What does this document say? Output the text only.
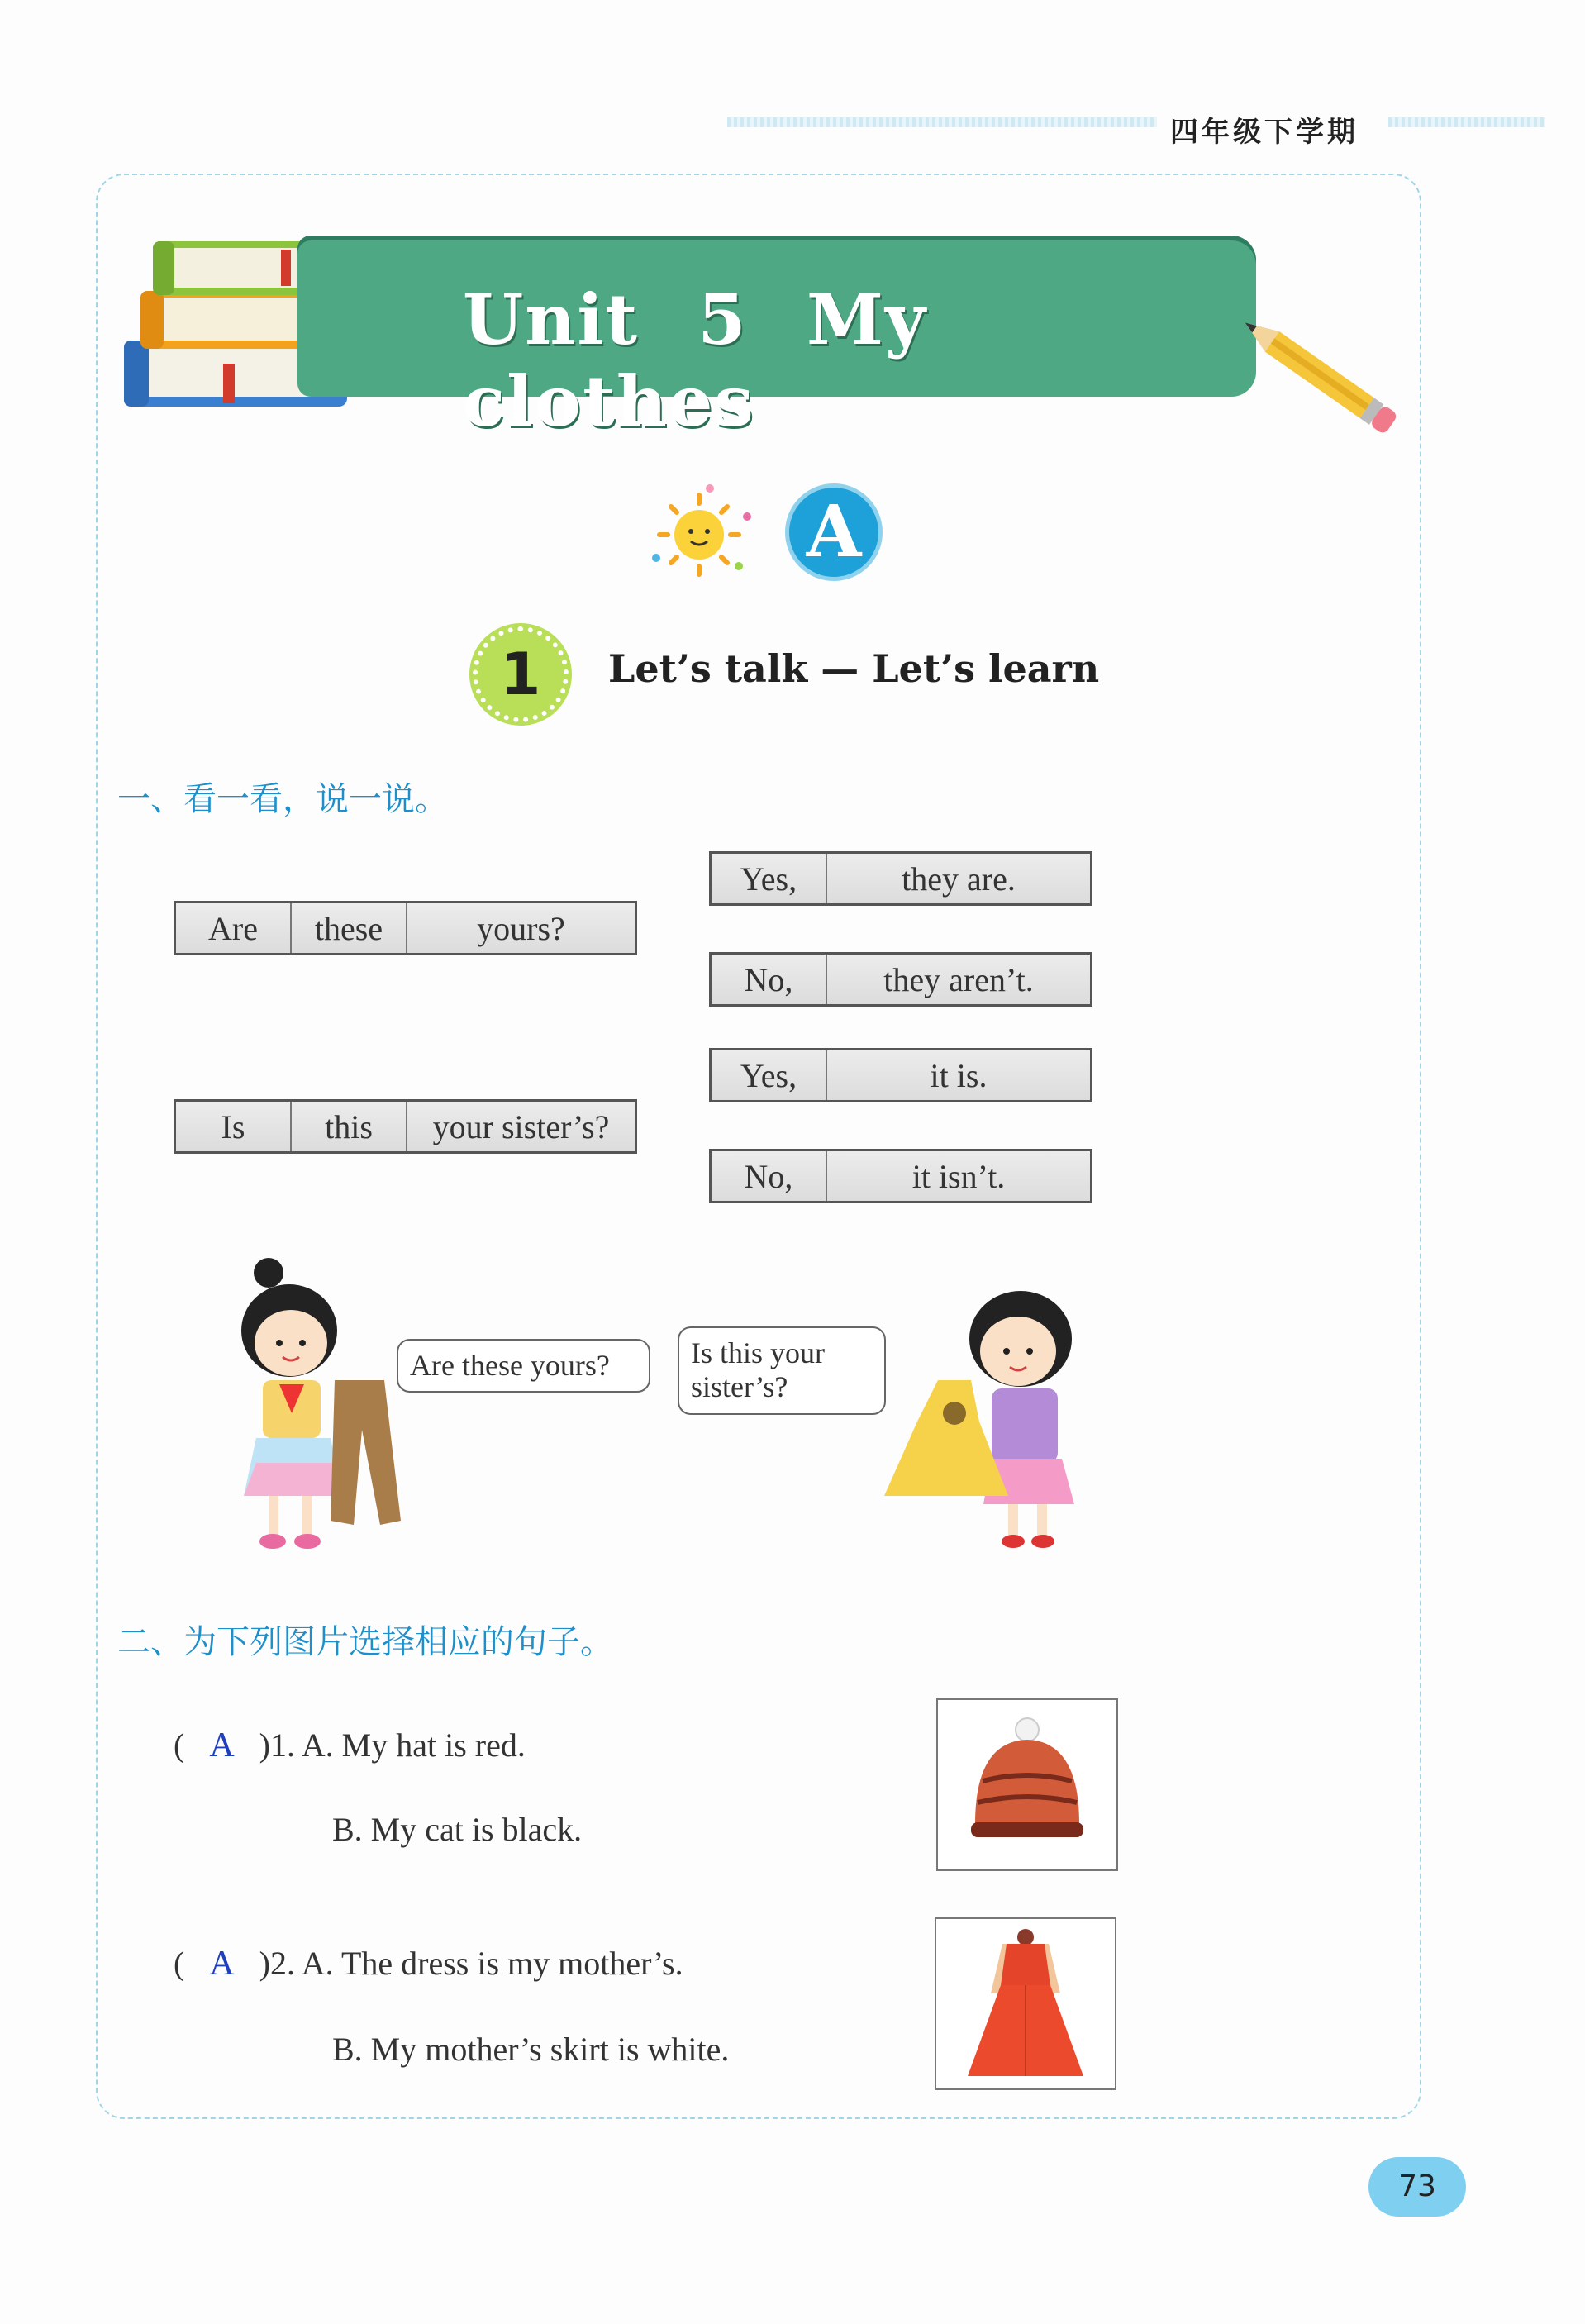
四年级下学期
Unit 5 My clothes
A
1	Let’s talk — Let’s learn
一、看一看，说一说。
Are	these	yours?
Is	this	your sister’s?
Yes,	they are.
No,	they aren’t.
Yes,	it is.
No,	it isn’t.
Are these yours?	Is this your sister’s?
二、为下列图片选择相应的句子。
( A )1. A. My hat is red.
B. My cat is black.
( A )2. A. The dress is my mother’s.
B. My mother’s skirt is white.
73
